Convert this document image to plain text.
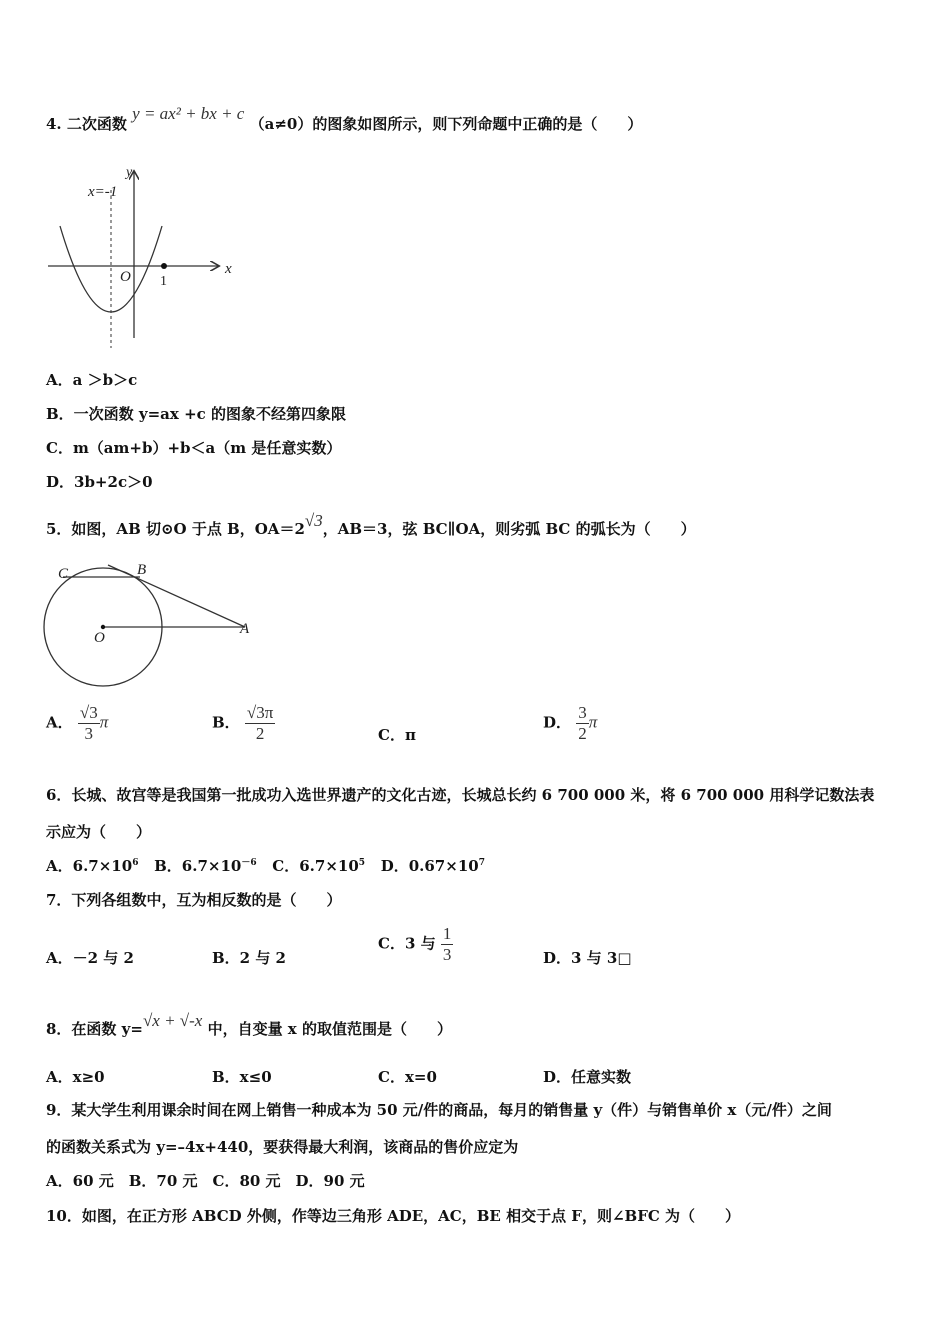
4. 二次函数 y = ax² + bx + c （a≠0）的图象如图所示，则下列命题中正确的是（　　）
x=-1
y
x
O 1
A．a ＞b＞c
B．一次函数 y=ax +c 的图象不经第四象限
C．m（am+b）+b＜a（m 是任意实数）
D．3b+2c＞0
5．如图，AB 切⊙O 于点 B，OA＝2√3，AB＝3，弦 BC∥OA，则劣弧 BC 的弧长为（　　）
C	B
O
A
A． $\frac{√3}{3}$ π	B． $\frac{√3\pi}{2}$	C．π
D． $\frac{3}{2}$ π
6．长城、故宫等是我国第一批成功入选世界遗产的文化古迹，长城总长约 6 700 000 米，将 6 700 000 用科学记数法表
示应为（　　）
A．$6.7\times 10^6$ B．$6.7\times 10^{-6}$ C．$6.7\times 10^5$ D．$0.67\times 10^7$
7．下列各组数中，互为相反数的是（　　）
A．－2 与 2	B．2 与 2
C．3 与 $\frac{1}{3}$	D．3 与 3□
8．在函数 y=√x + √-x 中，自变量 x 的取值范围是（　　）
A．x≥0	B．x≤0	C．x=0	D．任意实数
9．某大学生利用课余时间在网上销售一种成本为 50 元/件的商品，每月的销售量 y（件）与销售单价 x（元/件）之间
的函数关系式为 y=–4x+440，要获得最大利润，该商品的售价应定为
A．60 元　B．70 元　C．80 元　D．90 元
10．如图，在正方形 ABCD 外侧，作等边三角形 ADE，AC，BE 相交于点 F，则∠BFC 为（　　）
